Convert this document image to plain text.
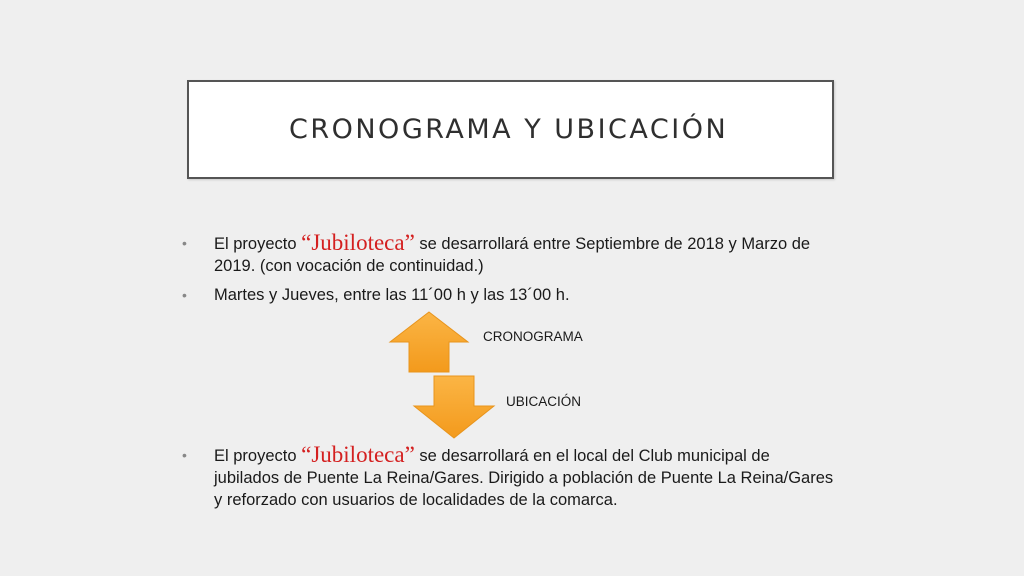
CRONOGRAMA Y UBICACIÓN
• El proyecto “Jubiloteca” se desarrollará entre Septiembre de 2018 y Marzo de 2019. (con vocación de continuidad.)
• Martes y Jueves, entre las 11´00 h y las 13´00 h.
CRONOGRAMA
UBICACIÓN
• El proyecto “Jubiloteca” se desarrollará en el local del Club municipal de jubilados de Puente La Reina/Gares. Dirigido a población de Puente La Reina/Gares y reforzado con usuarios de localidades de la comarca.
